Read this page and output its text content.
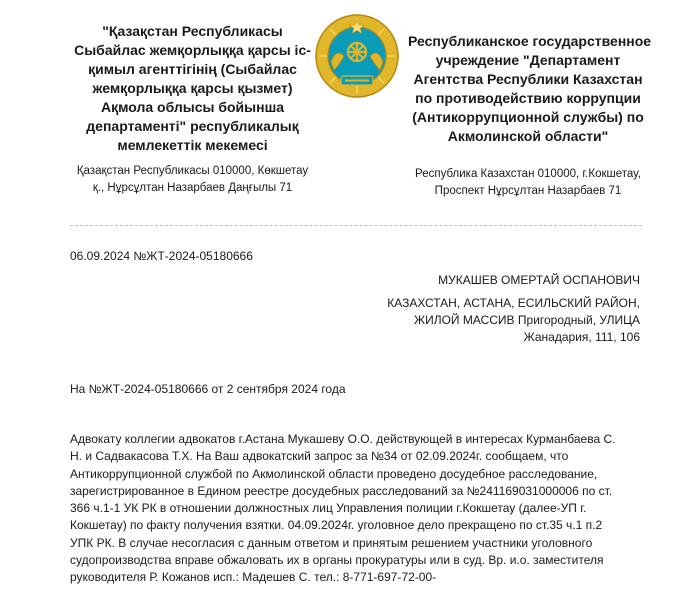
"Қазақстан Республикасы
Сыбайлас жемқорлыққа қарсы іс-
қимыл агенттігінің (Сыбайлас
жемқорлыққа қарсы қызмет)
Ақмола облысы бойынша
департаменті" республикалық
мемлекеттік мекемесі
Республиканское государственное
учреждение "Департамент
Агентства Республики Казахстан
по противодействию коррупции
(Антикоррупционной службы) по
Акмолинской области"
Қазақстан Республикасы 010000, Көкшетау
қ., Нұрсұлтан Назарбаев Даңғылы 71
Республика Казахстан 010000, г.Кокшетау,
Проспект Нұрсұлтан Назарбаев 71
06.09.2024 №ЖТ-2024-05180666
МУКАШЕВ ОМЕРТАЙ ОСПАНОВИЧ
КАЗАХСТАН, АСТАНА, ЕСИЛЬСКИЙ РАЙОН,
ЖИЛОЙ МАССИВ Пригородный, УЛИЦА
Жанадария, 111, 106
На №ЖТ-2024-05180666 от 2 сентября 2024 года
Адвокату коллегии адвокатов г.Астана Мукашеву О.О. действующей в интересах Курманбаева С.
Н. и Садвакасова Т.Х. На Ваш адвокатский запрос за №34 от 02.09.2024г. сообщаем, что
Антикоррупционной службой по Акмолинской области проведено досудебное расследование,
зарегистрированное в Едином реестре досудебных расследований за №241169031000006 по ст.
366 ч.1-1 УК РК в отношении должностных лиц Управления полиции г.Кокшетау (далее-УП г.
Кокшетау) по факту получения взятки. 04.09.2024г. уголовное дело прекращено по ст.35 ч.1 п.2
УПК РК. В случае несогласия с данным ответом и принятым решением участники уголовного
судопроизводства вправе обжаловать их в органы прокуратуры или в суд. Вр. и.о. заместителя
руководителя Р. Кожанов исп.: Мадешев С. тел.: 8-771-697-72-00-
